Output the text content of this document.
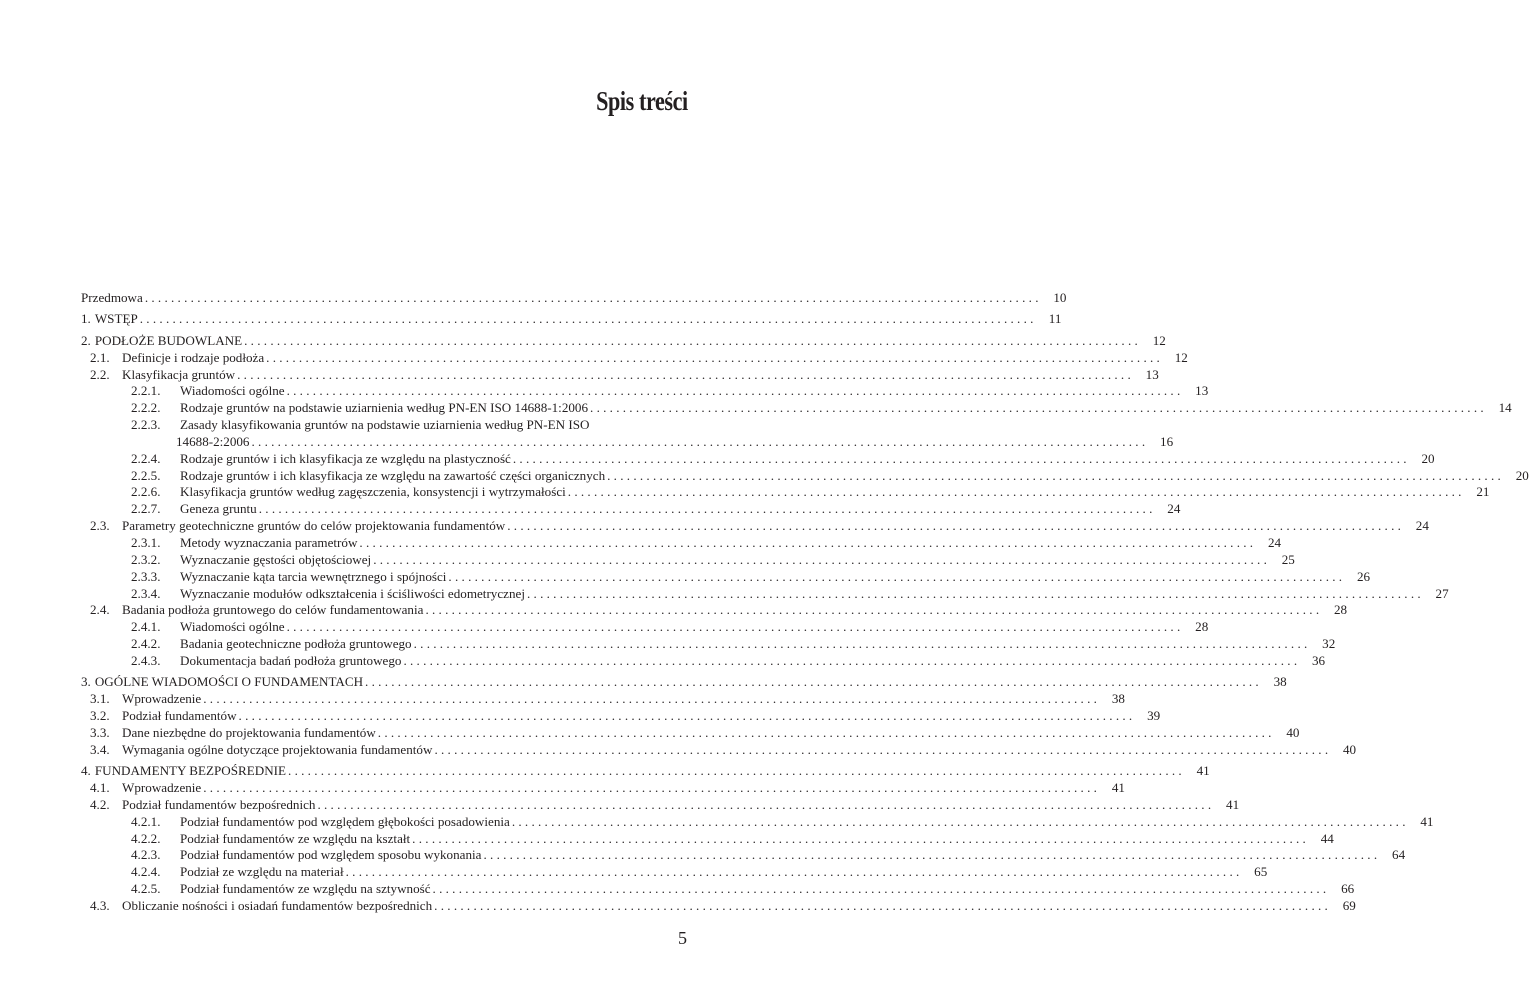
Spis treści
Przedmowa . . .	10
1. WSTĘP . . .	11
2. PODŁOŻE BUDOWLANE . . .	12
2.1. Definicje i rodzaje podłoża . . .	12
2.2. Klasyfikacja gruntów . . .	13
2.2.1.	Wiadomości ogólne . . .	13
2.2.2.	Rodzaje gruntów na podstawie uziarnienia według PN-EN ISO 14688-1:2006 . . .	14
2.2.3.	Zasady klasyfikowania gruntów na podstawie uziarnienia według PN-EN ISO
14688-2:2006 . . .	16
2.2.4.	Rodzaje gruntów i ich klasyfikacja ze względu na plastyczność . . .	20
2.2.5.	Rodzaje gruntów i ich klasyfikacja ze względu na zawartość części organicznych . . .	20
2.2.6.	Klasyfikacja gruntów według zagęszczenia, konsystencji i wytrzymałości . . .	21
2.2.7.	Geneza gruntu . . .	24
2.3. Parametry geotechniczne gruntów do celów projektowania fundamentów . . .	24
2.3.1.	Metody wyznaczania parametrów . . .	24
2.3.2.	Wyznaczanie gęstości objętościowej . . .	25
2.3.3.	Wyznaczanie kąta tarcia wewnętrznego i spójności . . .	26
2.3.4.	Wyznaczanie modułów odkształcenia i ściśliwości edometrycznej . . .	27
2.4. Badania podłoża gruntowego do celów fundamentowania . . .	28
2.4.1.	Wiadomości ogólne . . .	28
2.4.2.	Badania geotechniczne podłoża gruntowego . . .	32
2.4.3.	Dokumentacja badań podłoża gruntowego . . .	36
3. OGÓLNE WIADOMOŚCI O FUNDAMENTACH . . .	38
3.1. Wprowadzenie . . .	38
3.2. Podział fundamentów . . .	39
3.3. Dane niezbędne do projektowania fundamentów . . .	40
3.4. Wymagania ogólne dotyczące projektowania fundamentów . . .	40
4. FUNDAMENTY BEZPOŚREDNIE . . .	41
4.1. Wprowadzenie . . .	41
4.2. Podział fundamentów bezpośrednich . . .	41
4.2.1.	Podział fundamentów pod względem głębokości posadowienia . . .	41
4.2.2.	Podział fundamentów ze względu na kształt . . .	44
4.2.3.	Podział fundamentów pod względem sposobu wykonania . . .	64
4.2.4.	Podział ze względu na materiał . . .	65
4.2.5.	Podział fundamentów ze względu na sztywność . . .	66
4.3. Obliczanie nośności i osiadań fundamentów bezpośrednich . . .	69
5
